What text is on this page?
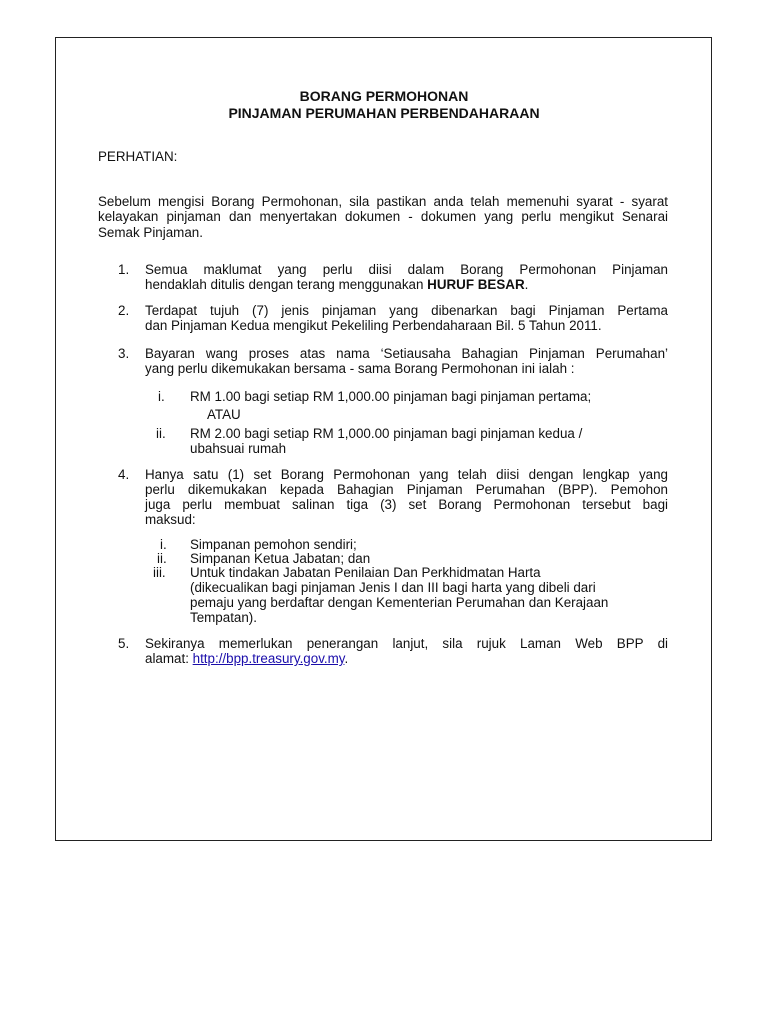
BORANG PERMOHONAN
PINJAMAN PERUMAHAN PERBENDAHARAAN
PERHATIAN:
Sebelum mengisi Borang Permohonan, sila pastikan anda telah memenuhi syarat - syarat kelayakan pinjaman dan menyertakan dokumen - dokumen yang perlu mengikut Senarai Semak Pinjaman.
1.	Semua maklumat yang perlu diisi dalam Borang Permohonan Pinjaman
hendaklah ditulis dengan terang menggunakan HURUF BESAR.
2.	Terdapat tujuh (7) jenis pinjaman yang dibenarkan bagi Pinjaman Pertama
dan Pinjaman Kedua mengikut Pekeliling Perbendaharaan Bil. 5 Tahun 2011.
3.	Bayaran wang proses atas nama ‘Setiausaha Bahagian Pinjaman Perumahan’
yang perlu dikemukakan bersama - sama Borang Permohonan ini ialah :
i.	RM 1.00 bagi setiap RM 1,000.00 pinjaman bagi pinjaman pertama;
ATAU
ii.	RM 2.00 bagi setiap RM 1,000.00 pinjaman bagi pinjaman kedua /
ubahsuai rumah
4.	Hanya satu (1) set Borang Permohonan yang telah diisi dengan lengkap yang
perlu dikemukakan kepada Bahagian Pinjaman Perumahan (BPP). Pemohon
juga perlu membuat salinan tiga (3) set Borang Permohonan tersebut bagi
maksud:
i.	Simpanan pemohon sendiri;
ii.	Simpanan Ketua Jabatan; dan
iii.	Untuk tindakan Jabatan Penilaian Dan Perkhidmatan Harta
(dikecualikan bagi pinjaman Jenis I dan III bagi harta yang dibeli dari
pemaju yang berdaftar dengan Kementerian Perumahan dan Kerajaan
Tempatan).
5.	Sekiranya memerlukan penerangan lanjut, sila rujuk Laman Web BPP di
alamat: http://bpp.treasury.gov.my.
